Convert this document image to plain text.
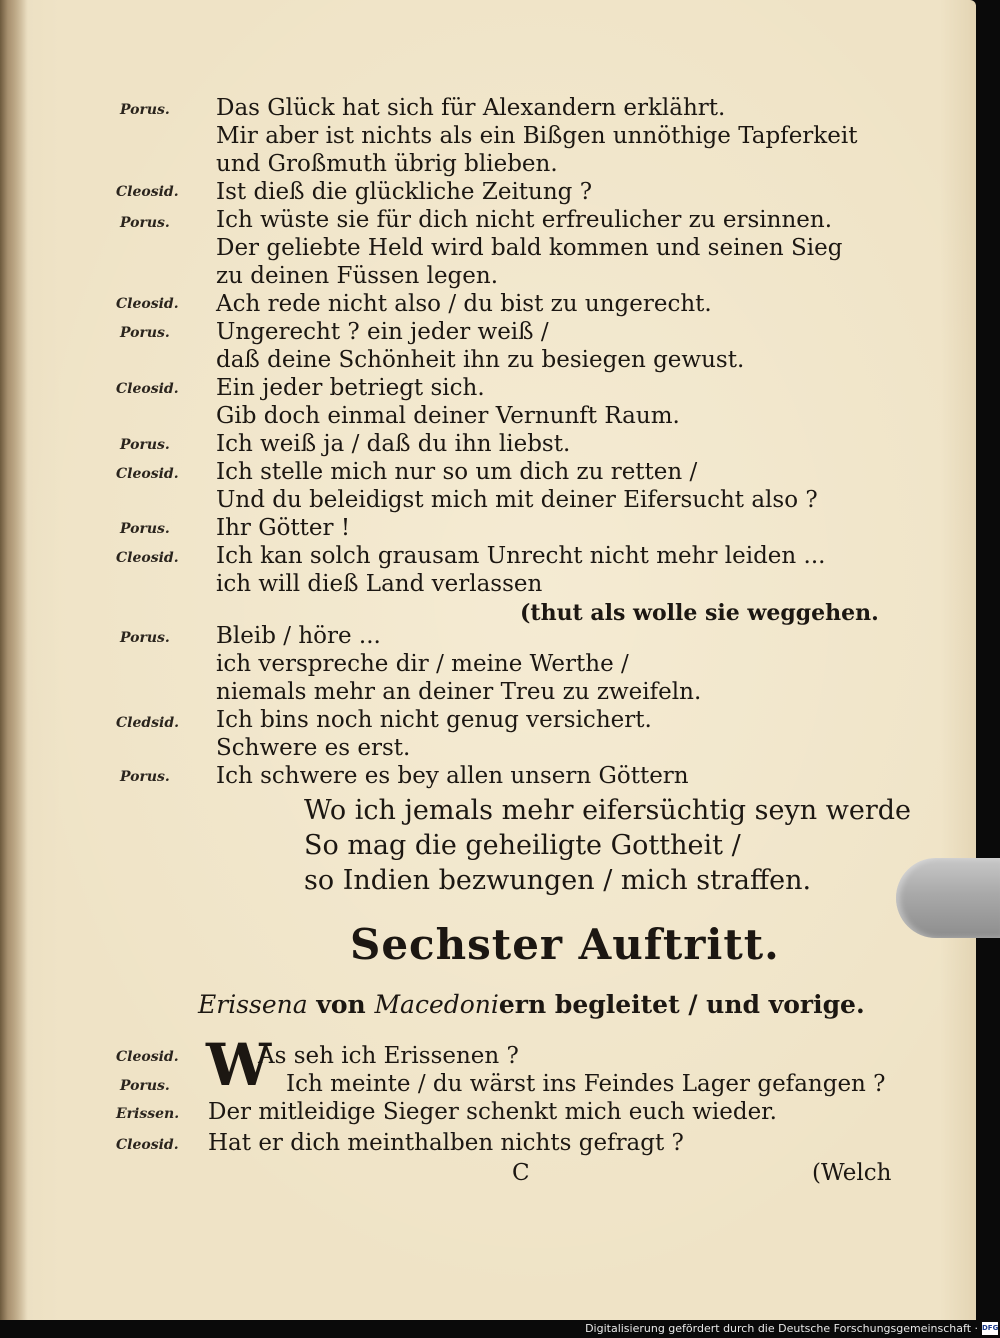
Porus.
Cleosid.
Porus.
Cleosid.
Porus.
Cleosid.
Porus.
Cleosid.
Porus.
Cleosid.
Porus.
Cledsid.
Porus.
Cleosid.
Porus.
Erissen.
Cleosid.
Das Glück hat sich für Alexandern erklährt.
Mir aber ist nichts als ein Bißgen unnöthige Tapferkeit
und Großmuth übrig blieben.
Ist dieß die glückliche Zeitung ?
Ich wüste sie für dich nicht erfreulicher zu ersinnen.
Der geliebte Held wird bald kommen und seinen Sieg
zu deinen Füssen legen.
Ach rede nicht also / du bist zu ungerecht.
Ungerecht ? ein jeder weiß /
daß deine Schönheit ihn zu besiegen gewust.
Ein jeder betriegt sich.
Gib doch einmal deiner Vernunft Raum.
Ich weiß ja / daß du ihn liebst.
Ich stelle mich nur so um dich zu retten /
Und du beleidigst mich mit deiner Eifersucht also ?
Ihr Götter !
Ich kan solch grausam Unrecht nicht mehr leiden ...
ich will dieß Land verlassen
(thut als wolle sie weggehen.
Bleib / höre ...
ich verspreche dir / meine Werthe /
niemals mehr an deiner Treu zu zweifeln.
Ich bins noch nicht genug versichert.
Schwere es erst.
Ich schwere es bey allen unsern Göttern
Wo ich jemals mehr eifersüchtig seyn werde
So mag die geheiligte Gottheit /
so Indien bezwungen / mich straffen.
Sechster Auftritt.
Erissena von Macedoniern begleitet / und vorige.
W
As seh ich Erissenen ?
Ich meinte / du wärst ins Feindes Lager gefangen ?
Der mitleidige Sieger schenkt mich euch wieder.
Hat er dich meinthalben nichts gefragt ?
C	(Welch
Digitalisierung gefördert durch die Deutsche Forschungsgemeinschaft · DFG
